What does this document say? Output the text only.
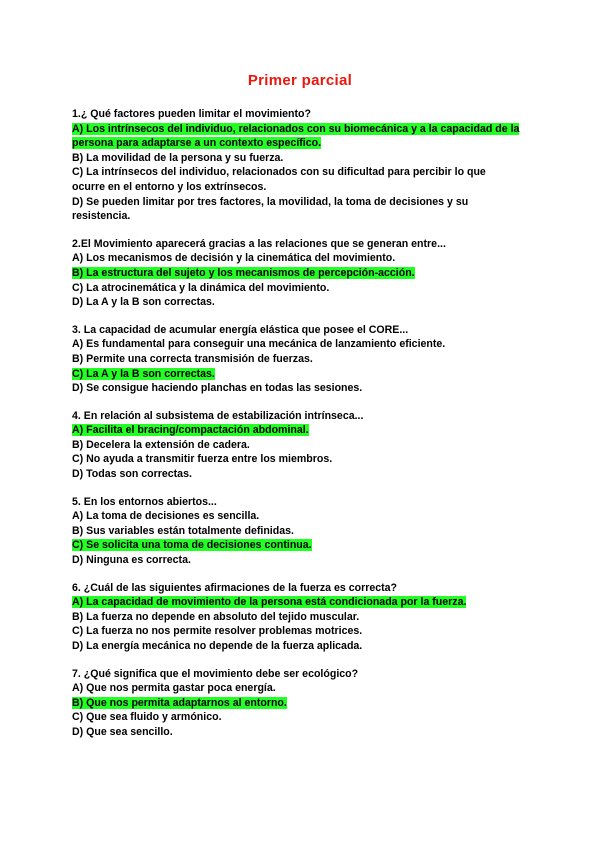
Primer parcial
1.¿ Qué factores pueden limitar el movimiento?
A) Los intrínsecos del individuo, relacionados con su biomecánica y a la capacidad de la persona para adaptarse a un contexto específico.
B) La movilidad de la persona y su fuerza.
C) La intrínsecos del individuo, relacionados con su dificultad para percibir lo que ocurre en el entorno y los extrínsecos.
D) Se pueden limitar por tres factores, la movilidad, la toma de decisiones y su resistencia.
2.El Movimiento aparecerá gracias a las relaciones que se generan entre...
A) Los mecanismos de decisión y la cinemática del movimiento.
B) La estructura del sujeto y los mecanismos de percepción-acción.
C) La atrocinemática y la dinámica del movimiento.
D) La A y la B son correctas.
3. La capacidad de acumular energía elástica que posee el CORE...
A) Es fundamental para conseguir una mecánica de lanzamiento eficiente.
B) Permite una correcta transmisión de fuerzas.
C) La A y la B son correctas.
D) Se consigue haciendo planchas en todas las sesiones.
4. En relación al subsistema de estabilización intrínseca...
A) Facilita el bracing/compactación abdominal.
B) Decelera la extensión de cadera.
C) No ayuda a transmitir fuerza entre los miembros.
D) Todas son correctas.
5. En los entornos abiertos...
A) La toma de decisiones es sencilla.
B) Sus variables están totalmente definidas.
C) Se solicita una toma de decisiones continua.
D) Ninguna es correcta.
6. ¿Cuál de las siguientes afirmaciones de la fuerza es correcta?
A) La capacidad de movimiento de la persona está condicionada por la fuerza.
B) La fuerza no depende en absoluto del tejido muscular.
C) La fuerza no nos permite resolver problemas motrices.
D) La energía mecánica no depende de la fuerza aplicada.
7. ¿Qué significa que el movimiento debe ser ecológico?
A) Que nos permita gastar poca energía.
B) Que nos permita adaptarnos al entorno.
C) Que sea fluido y armónico.
D) Que sea sencillo.
